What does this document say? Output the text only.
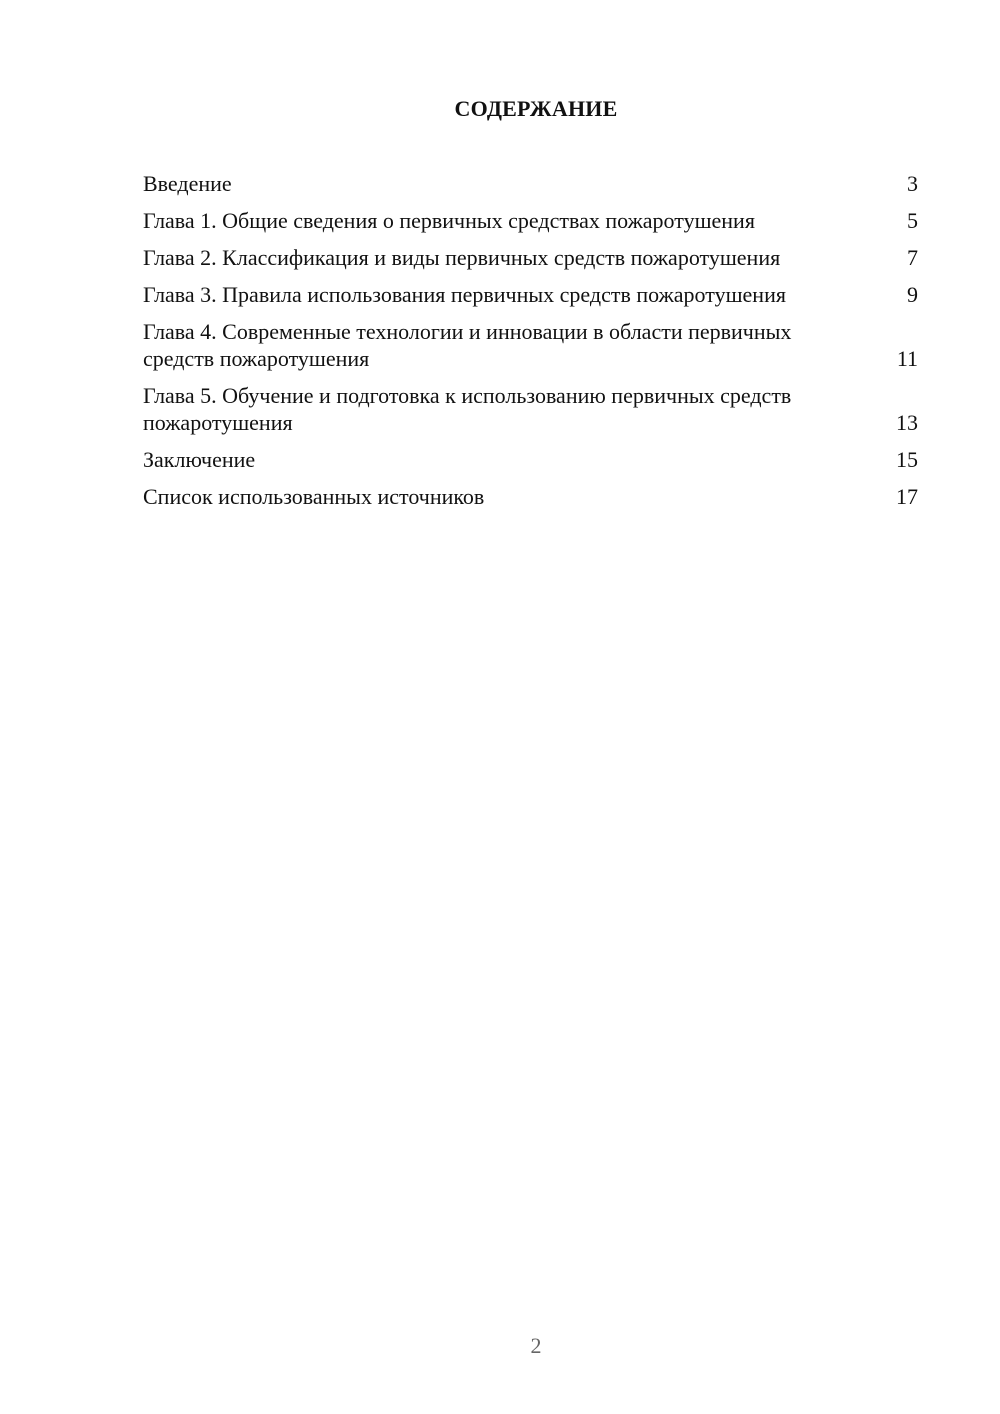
СОДЕРЖАНИЕ
Введение	3
Глава 1. Общие сведения о первичных средствах пожаротушения	5
Глава 2. Классификация и виды первичных средств пожаротушения	7
Глава 3. Правила использования первичных средств пожаротушения	9
Глава 4. Современные технологии и инновации в области первичных средств пожаротушения	11
Глава 5. Обучение и подготовка к использованию первичных средств пожаротушения	13
Заключение	15
Список использованных источников	17
2
